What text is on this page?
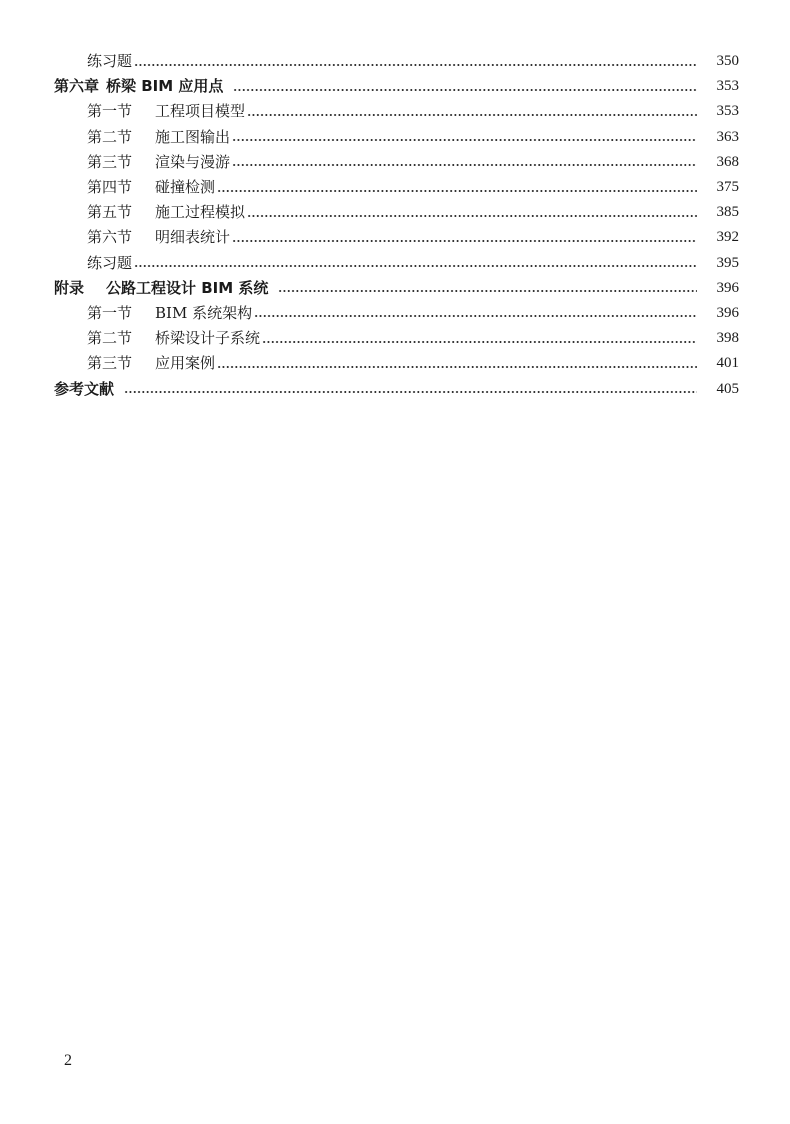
练习题	350
第六章 桥梁 BIM 应用点	353
第一节	工程项目模型	353
第二节	施工图输出	363
第三节	渲染与漫游	368
第四节	碰撞检测	375
第五节	施工过程模拟	385
第六节	明细表统计	392
练习题	395
附录	公路工程设计 BIM 系统	396
第一节	BIM 系统架构	396
第二节	桥梁设计子系统	398
第三节	应用案例	401
参考文献	405
2
